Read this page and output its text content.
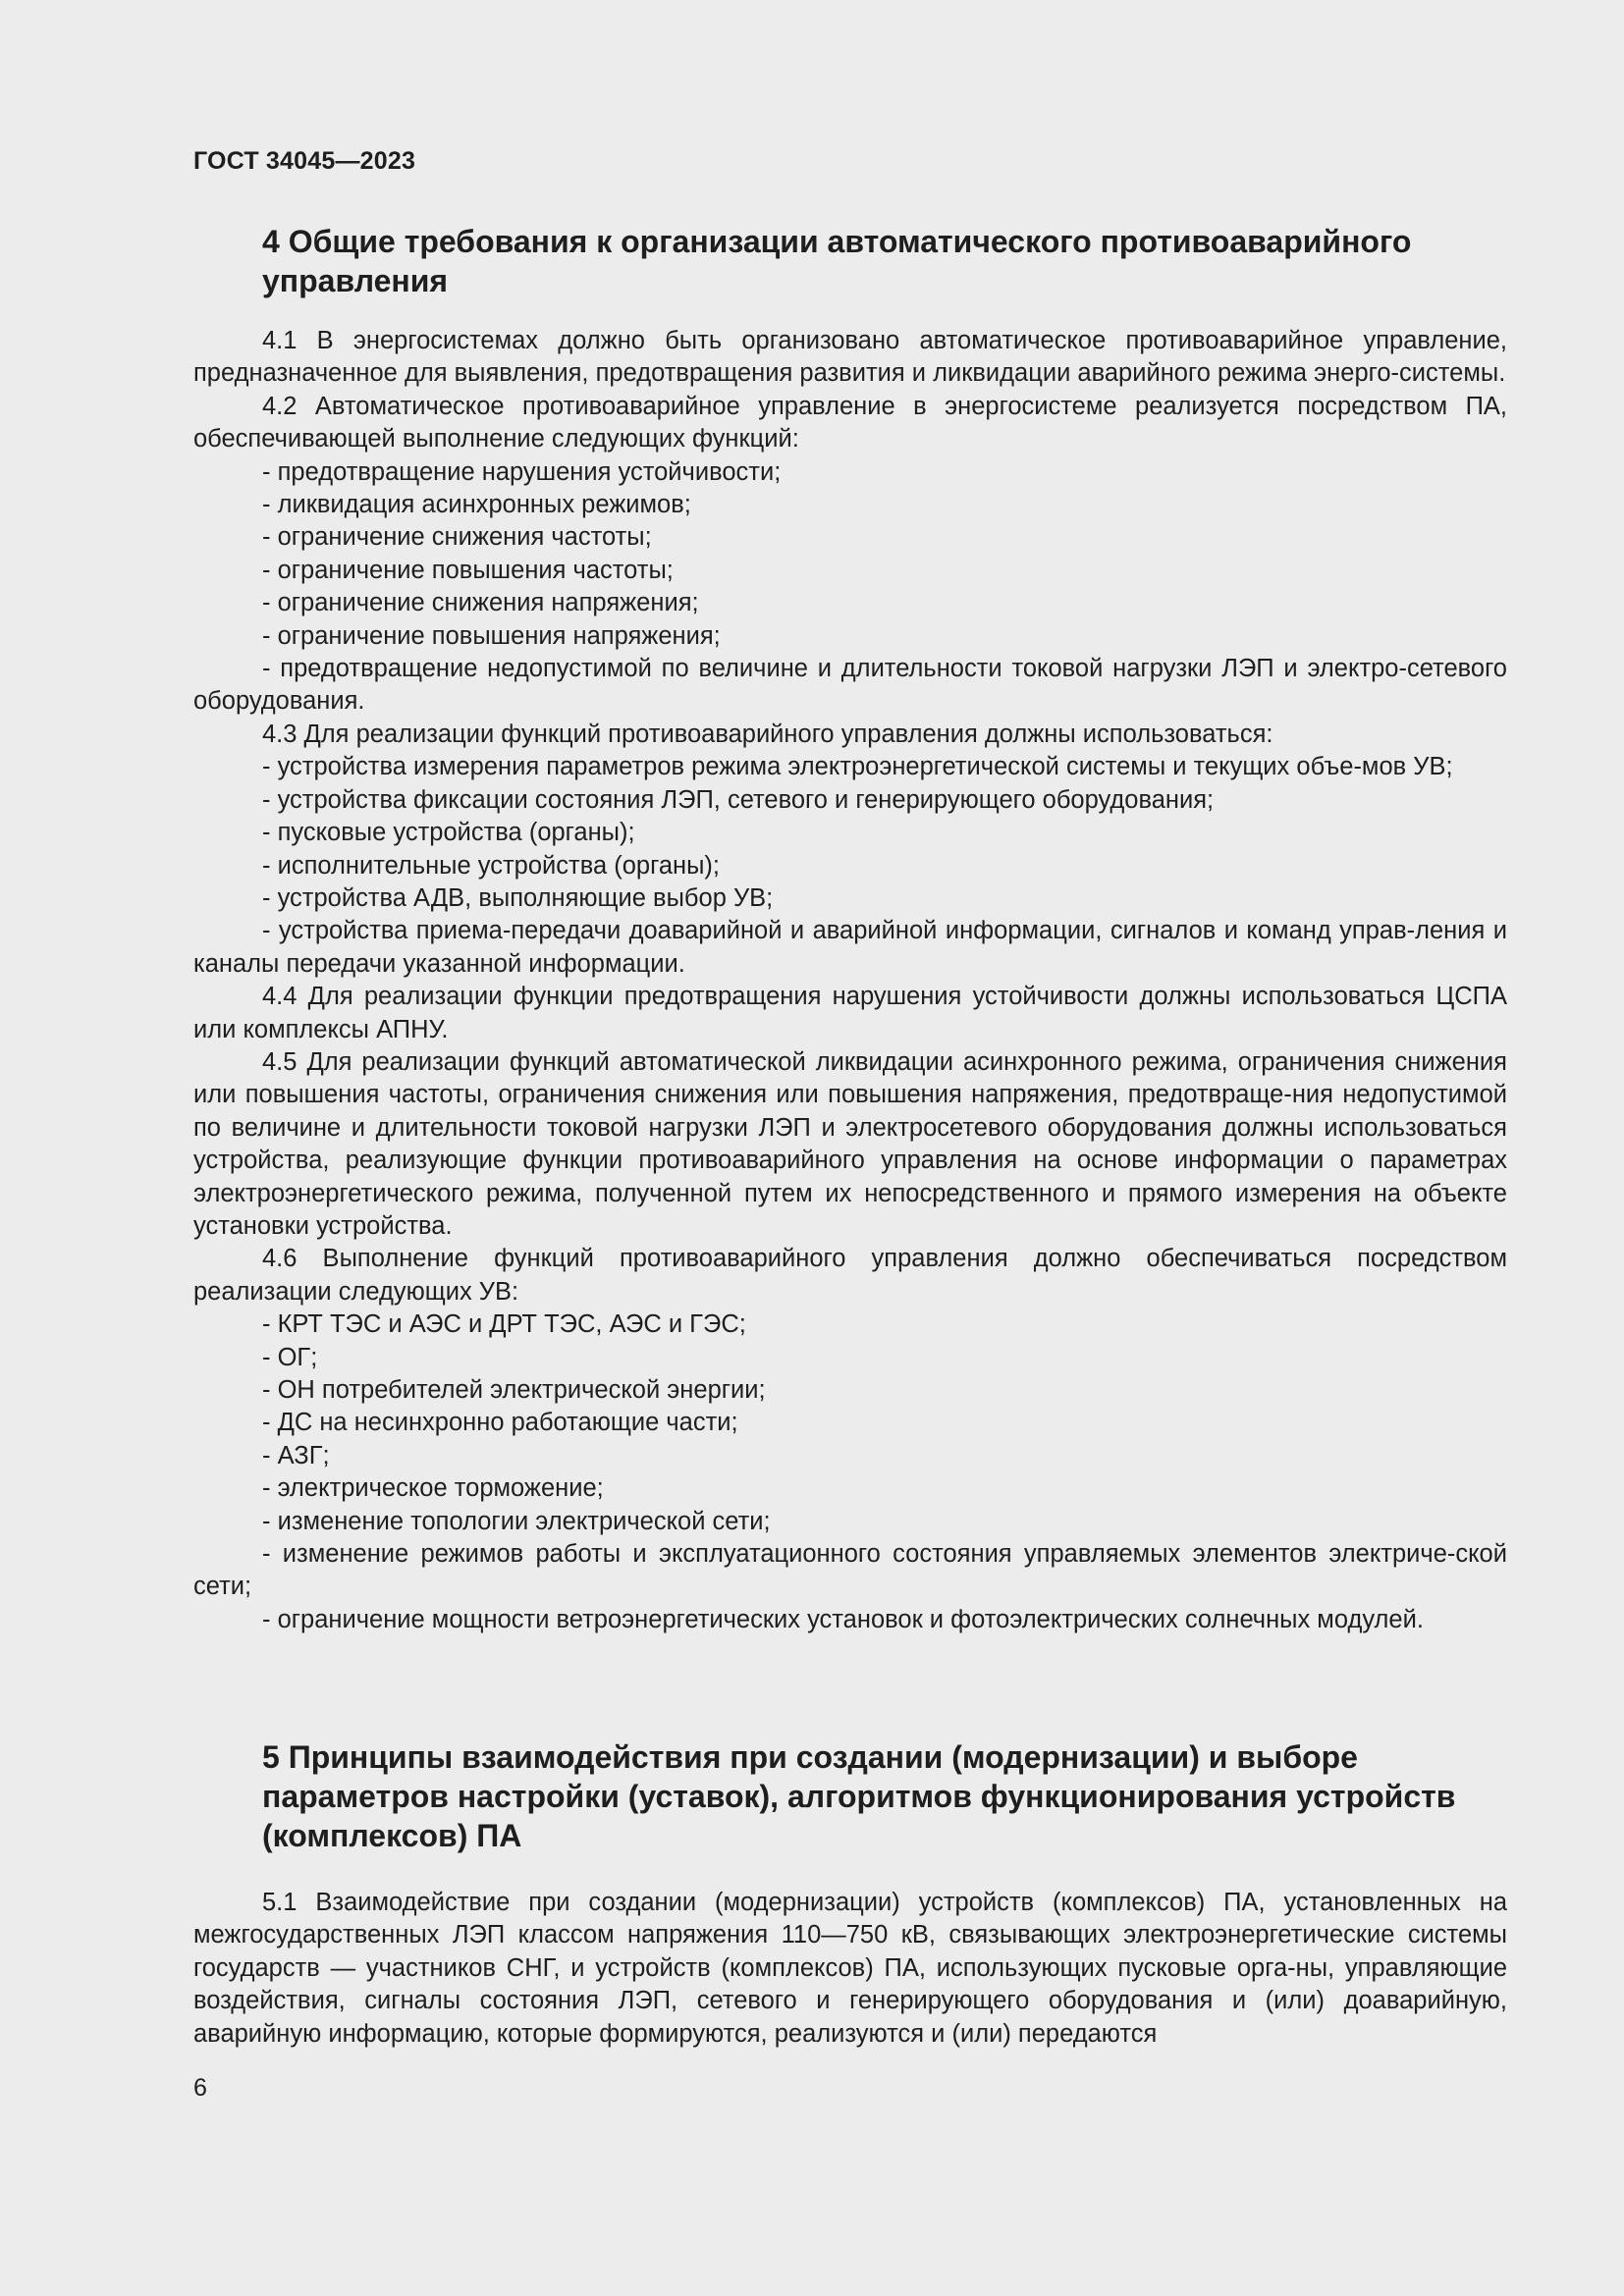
ГОСТ 34045—2023
4 Общие требования к организации автоматического противоаварийного управления

4.1 В энергосистемах должно быть организовано автоматическое противоаварийное управление, предназначенное для выявления, предотвращения развития и ликвидации аварийного режима энерго-системы.

4.2 Автоматическое противоаварийное управление в энергосистеме реализуется посредством ПА, обеспечивающей выполнение следующих функций:

- предотвращение нарушения устойчивости;

- ликвидация асинхронных режимов;

- ограничение снижения частоты;

- ограничение повышения частоты;

- ограничение снижения напряжения;

- ограничение повышения напряжения;

- предотвращение недопустимой по величине и длительности токовой нагрузки ЛЭП и электро-сетевого оборудования.

4.3 Для реализации функций противоаварийного управления должны использоваться:

- устройства измерения параметров режима электроэнергетической системы и текущих объе-мов УВ;

- устройства фиксации состояния ЛЭП, сетевого и генерирующего оборудования;

- пусковые устройства (органы);

- исполнительные устройства (органы);

- устройства АДВ, выполняющие выбор УВ;

- устройства приема-передачи доаварийной и аварийной информации, сигналов и команд управ-ления и каналы передачи указанной информации.

4.4 Для реализации функции предотвращения нарушения устойчивости должны использоваться ЦСПА или комплексы АПНУ.

4.5 Для реализации функций автоматической ликвидации асинхронного режима, ограничения снижения или повышения частоты, ограничения снижения или повышения напряжения, предотвраще-ния недопустимой по величине и длительности токовой нагрузки ЛЭП и электросетевого оборудования должны использоваться устройства, реализующие функции противоаварийного управления на основе информации о параметрах электроэнергетического режима, полученной путем их непосредственного и прямого измерения на объекте установки устройства.

4.6 Выполнение функций противоаварийного управления должно обеспечиваться посредством реализации следующих УВ:

- КРТ ТЭС и АЭС и ДРТ ТЭС, АЭС и ГЭС;

- ОГ;

- ОН потребителей электрической энергии;

- ДС на несинхронно работающие части;

- АЗГ;

- электрическое торможение;

- изменение топологии электрической сети;

- изменение режимов работы и эксплуатационного состояния управляемых элементов электриче-ской сети;

- ограничение мощности ветроэнергетических установок и фотоэлектрических солнечных модулей.

5 Принципы взаимодействия при создании (модернизации) и выборе параметров настройки (уставок), алгоритмов функционирования устройств (комплексов) ПА

5.1 Взаимодействие при создании (модернизации) устройств (комплексов) ПА, установленных на межгосударственных ЛЭП классом напряжения 110—750 кВ, связывающих электроэнергетические системы государств — участников СНГ, и устройств (комплексов) ПА, использующих пусковые орга-ны, управляющие воздействия, сигналы состояния ЛЭП, сетевого и генерирующего оборудования и (или) доаварийную, аварийную информацию, которые формируются, реализуются и (или) передаются

6
